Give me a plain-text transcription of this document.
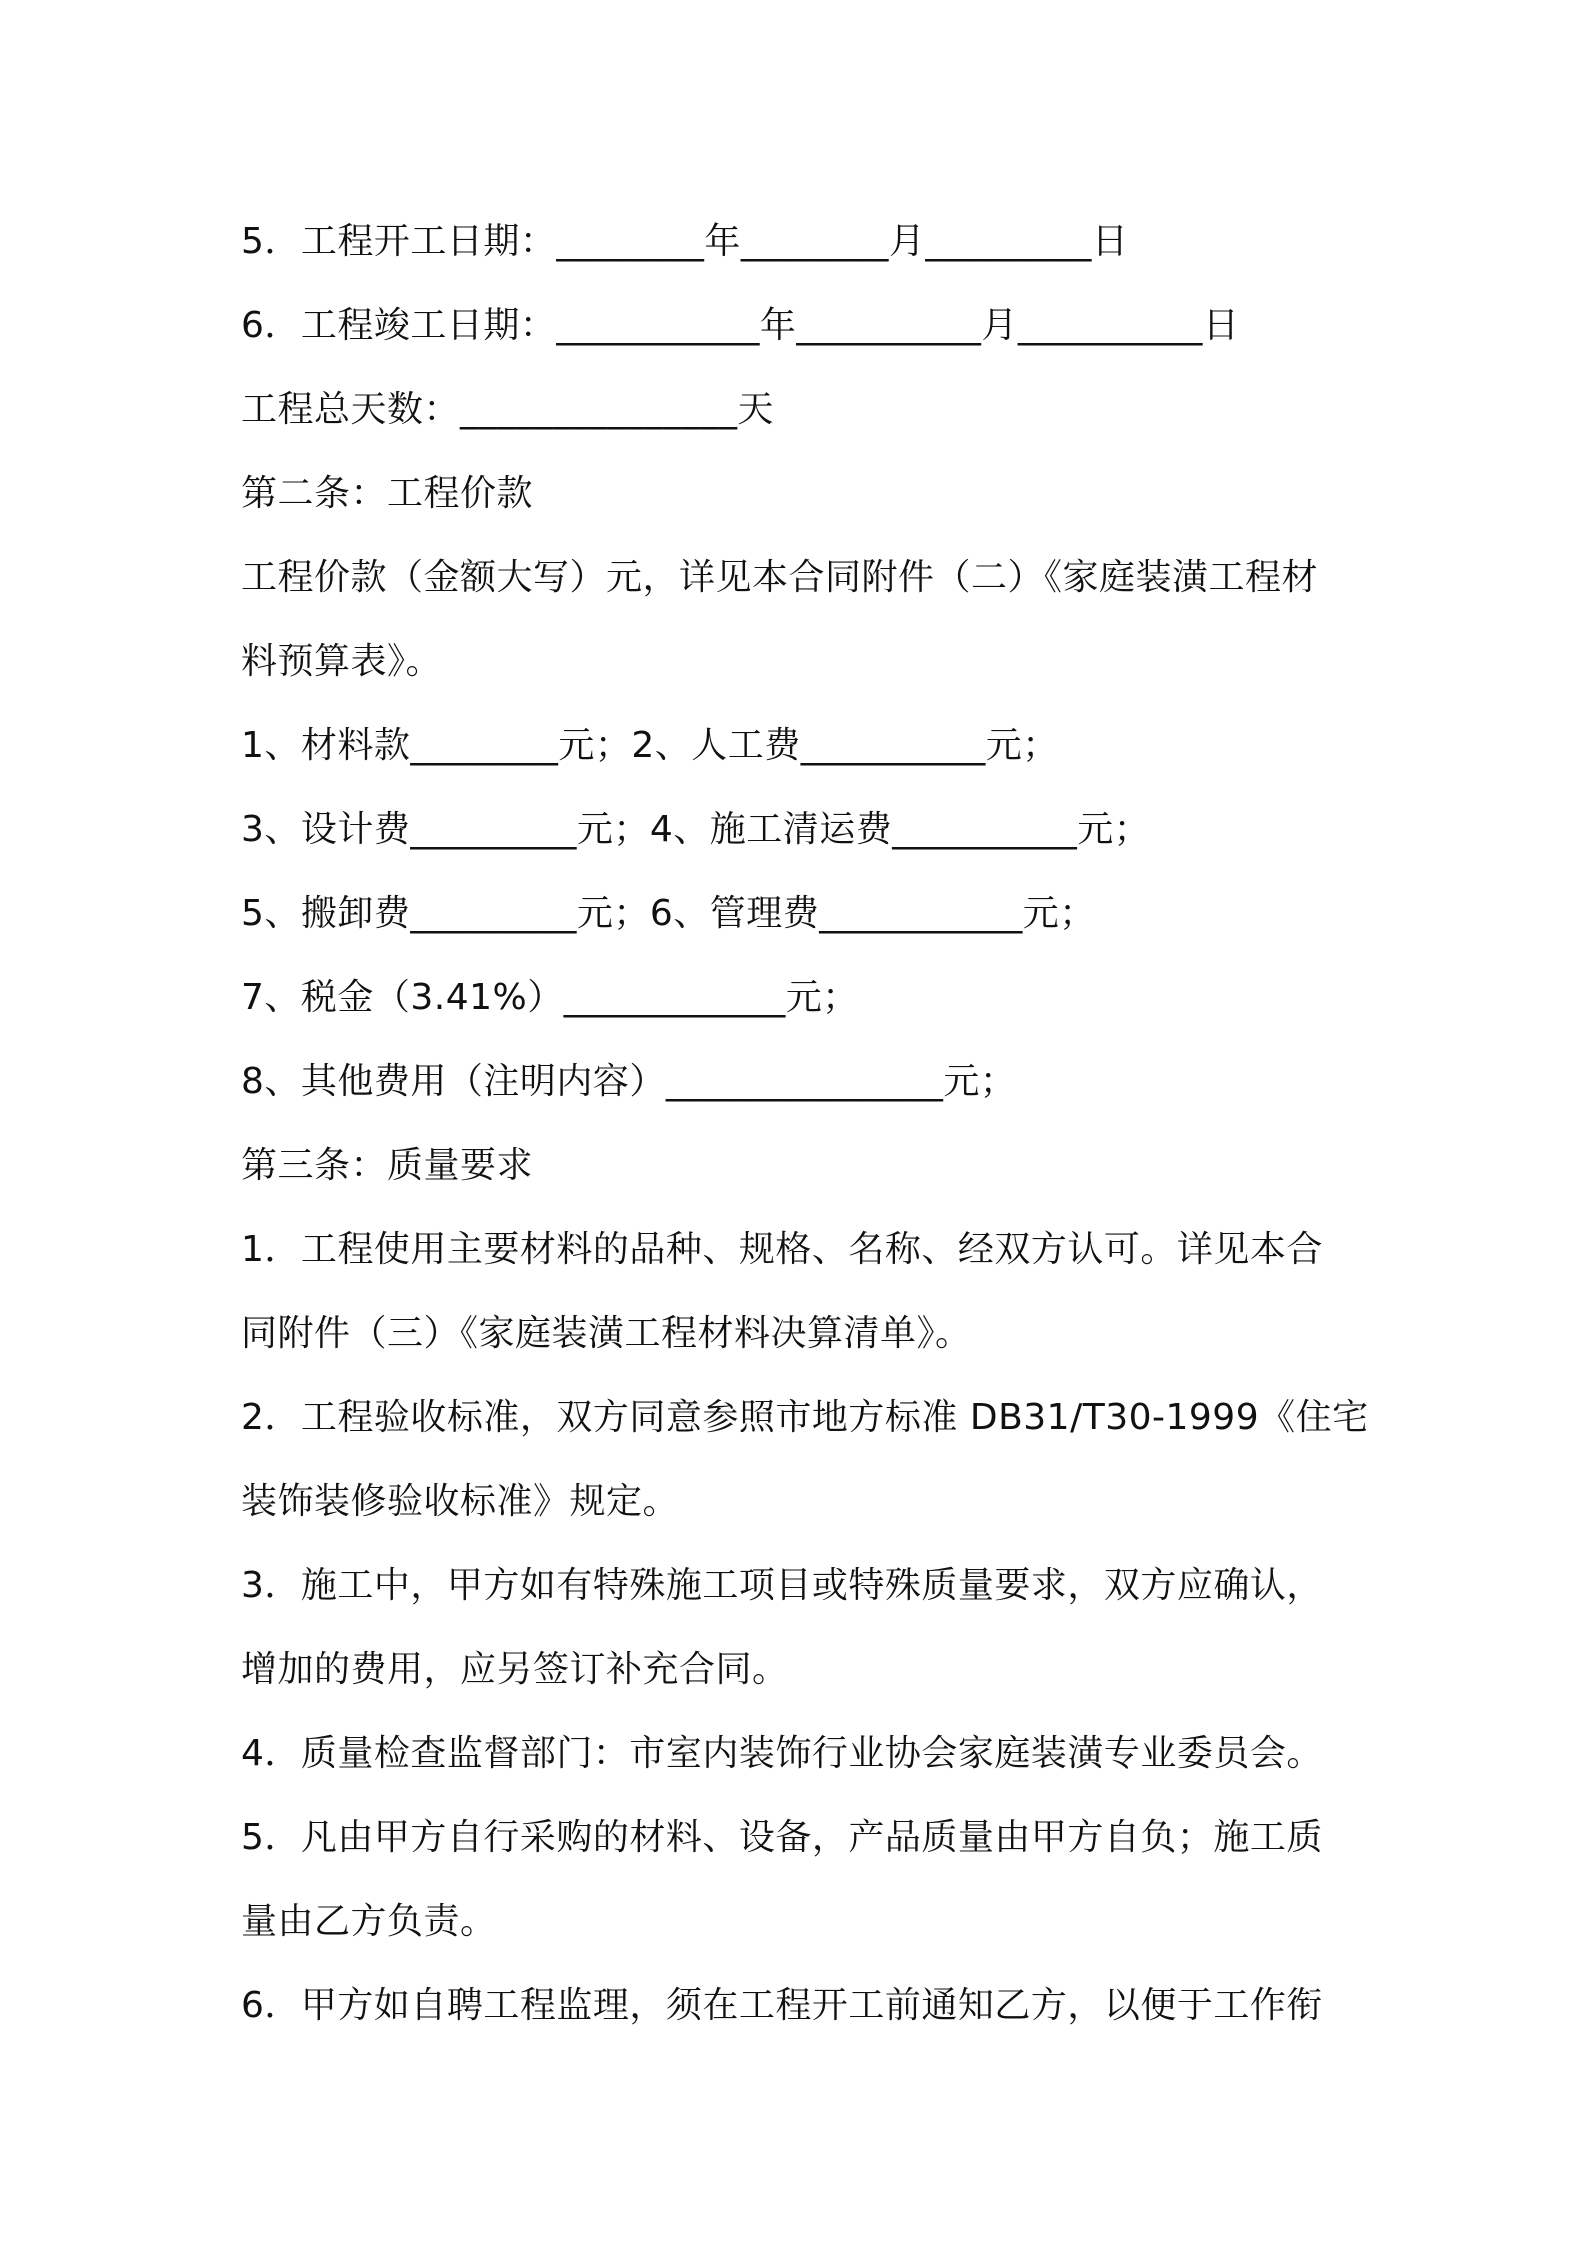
5．工程开工日期：________年________月_________日
6．工程竣工日期：___________年__________月__________日
工程总天数：_______________天
第二条：工程价款
工程价款（金额大写）元，详见本合同附件（二）《家庭装潢工程材
料预算表》。
1、材料款________元；2、人工费__________元；
3、设计费_________元；4、施工清运费__________元；
5、搬卸费_________元；6、管理费___________元；
7、税金（3.41%）____________元；
8、其他费用（注明内容）_______________元；
第三条：质量要求
1．工程使用主要材料的品种、规格、名称、经双方认可。详见本合
同附件（三）《家庭装潢工程材料决算清单》。
2．工程验收标准，双方同意参照市地方标准 DB31/T30-1999《住宅
装饰装修验收标准》规定。
3．施工中，甲方如有特殊施工项目或特殊质量要求，双方应确认，
增加的费用，应另签订补充合同。
4．质量检查监督部门：市室内装饰行业协会家庭装潢专业委员会。
5．凡由甲方自行采购的材料、设备，产品质量由甲方自负；施工质
量由乙方负责。
6．甲方如自聘工程监理，须在工程开工前通知乙方，以便于工作衔
